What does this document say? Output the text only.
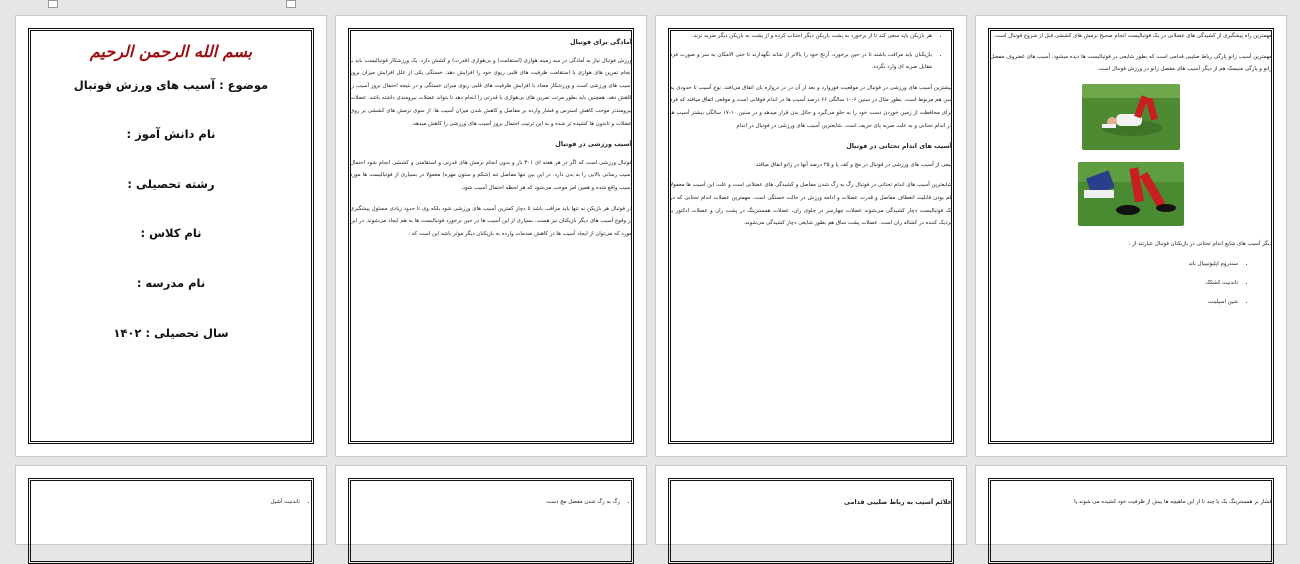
بسم الله الرحمن الرحیم
موضوع : آسیب های ورزش فوتبال
نام دانش آموز :
رشته تحصیلی :
نام کلاس :
نام مدرسه :
سال تحصیلی : ۱۴۰۲
آمادگی برای فوتبال

ورزش فوتبال نیاز به آمادگی در سه زمینه هوازی (استقامت) و بی‌هوازی (قدرت) و کشش دارد. یک ورزشکار فوتبالیست باید با انجام تمرین های هوازی با استقامت ظرفیت های قلبی ریوی خود را افزایش دهد. خستگی یکی از علل افزایش میزان بروز آسیب های ورزشی است و ورزشکار معتاد با افزایش ظرفیت های قلبی ریوی میزان خستگی و در نتیجه احتمال بروز آسیب را کاهش دهد. همچنین باید بطور مرتب تمرین های بی‌هوازی با قدرتی را انجام دهد تا بتواند عضلات نیرومندی داشته باشد. عضلات نیرومندتر موجب کاهش استرس و فشار وارده بر مفاصل و کاهش شدن میزان آسیب ها. از سوی نرمش های کششی بر روی عضلات و تاندون ها کشیده تر شده و به این ترتیب احتمال بروز آسیب های ورزشی را کاهش میدهد.

آسیب ورزشی در فوتبال

فوتبال ورزشی است که اگر در هر هفته ای ۳۰۱ بار و بدون انجام نرمش های قدرتی و استقامتی و کششی انجام شود احتمال آسیب رسانی بالایی را به بدن دارد. در این بین تنها مفاصل تنه (شکم و ستون مهره) معمولا در بسیاری از فوتبالیست ها مورد آسیب واقع شده و همین امر موجب می‌شود که هر لحظه احتمال آسیب شود.

در فوتبال هر بازیکن نه تنها باید مراقب باشد تا دچار کمترین آسیب های ورزشی شود بلکه وی تا حدود زیادی مسئول پیشگیری از وقوع آسیب های دیگر بازیکنان نیز هست. بسیاری از این آسیب ها در حین برخورد فوتبالیست ها به هم ایجاد می‌شوند. در این مورد که می‌توان از ایجاد آسیب ها در کاهش صدمات وارده به بازیکنان دیگر موثر باشد این است که :

• هر بازیکن باید سعی کند تا از برخورد به پشت بازیکن دیگر اجتناب کرده و از پشت به بازیکن دیگر ضربه نزند.
• بازیکنان باید مراقب باشند تا در حین برخورد، آرنج خود را بالاتر از شانه نگهدارند تا حتی الامکان به سر و صورت فرد مقابل ضربه ای وارد نگردد.

بیشترین آسیب های ورزشی در فوتبال در موقعیت فوروارد و بعد از آن در در دروازه بان اتفاق می‌افتد. نوع آسیب تا حدودی به سن هم مربوط است. بطور مثال در سنین ۶-۱۰ سالگی ۶۶ درصد آسیب ها در اندام فوقانی است و موقعی اتفاق میافتد که فرد برای محافظت از زمین خوردن دست خود را به جلو می‌گیرد و حائل بدن قرار میدهد و در سنین ۱۰-۱۷ سالگی بیشتر آسیب ها در اندام تحتانی و به علت ضربه پای حریف است. شایعترین آسیب های ورزشی در فوتبال در اندام

آسیب های اندام تحتانی در فوتبال

نیمی از آسیب های ورزشی در فوتبال در مچ و کف پا و ۲۵ درصد آنها در زانو اتفاق میافتد.

شایعترین آسیب های اندام تحتانی در فوتبال رگ به رگ شدن مفاصل و کشیدگی های عضلانی است و علت این آسیب ها معمولا کم بودن قابلیت انعطاف مفاصل و قدرت عضلات و ادامه ورزش در حالت خستگی است. مهمترین عضلات اندام تحتانی که در یک فوتبالیست دچار کشیدگی می‌شوند عضلات چهارسر در جلوی ران، عضلات همسترینگ در پشت ران و عضلات ادکتور یا نزدیک کننده در کشاله ران است. عضلات پشت ساق هم بطور شایعی دچار کشیدگی می‌شوند.

مهمترین راه پیشگیری از کشیدگی های عضلانی در یک فوتبالیست انجام صحیح نرمش های کششی قبل از شروع فوتبال است.

مهمترین آسیب زانو پارگی رباط صلیبی قدامی است که بطور شایعی در فوتبالیست ها دیده میشود. آسیب های غضروف مفصل زانو و پارگی منیسک هم از دیگر آسیب های مفصل زانو در ورزش فوتبال است.

دیگر آسیب های شایع اندام تحتانی در بازیکنان فوتبال عبارتند از :

• سندروم ایلیوتیبیال باند
• تاندنیت کشکک
• شین اسپلینت
• تاندنیت آشیل
•	رگ به رگ شدن مفصل مچ دست	علائم آسیب به رباط صلیبی قدامی	فشار بر همسترینگ یک یا چند تا از این ماهیچه ها بیش از ظرفیت خود کشیده می شوند یا
